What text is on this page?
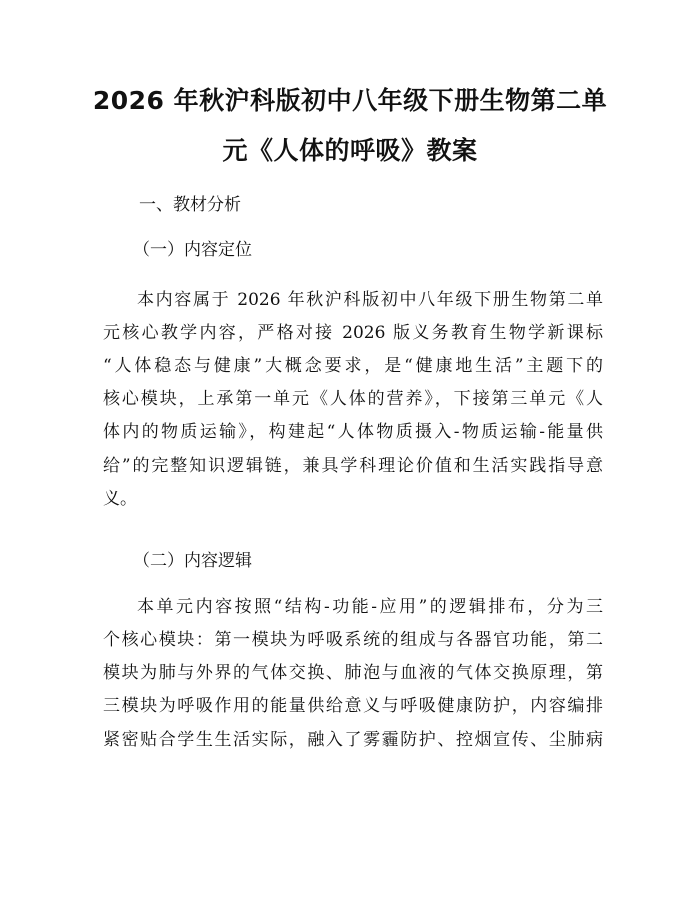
2026 年秋沪科版初中八年级下册生物第二单
元《人体的呼吸》教案
一、教材分析
（一）内容定位
本内容属于 2026 年秋沪科版初中八年级下册生物第二单
元核心教学内容，严格对接 2026 版义务教育生物学新课标
“人体稳态与健康”大概念要求，是“健康地生活”主题下的
核心模块，上承第一单元《人体的营养》，下接第三单元《人
体内的物质运输》，构建起“人体物质摄入-物质运输-能量供
给”的完整知识逻辑链，兼具学科理论价值和生活实践指导意
义。
（二）内容逻辑
本单元内容按照“结构-功能-应用”的逻辑排布，分为三
个核心模块：第一模块为呼吸系统的组成与各器官功能，第二
模块为肺与外界的气体交换、肺泡与血液的气体交换原理，第
三模块为呼吸作用的能量供给意义与呼吸健康防护，内容编排
紧密贴合学生生活实际，融入了雾霾防护、控烟宣传、尘肺病
